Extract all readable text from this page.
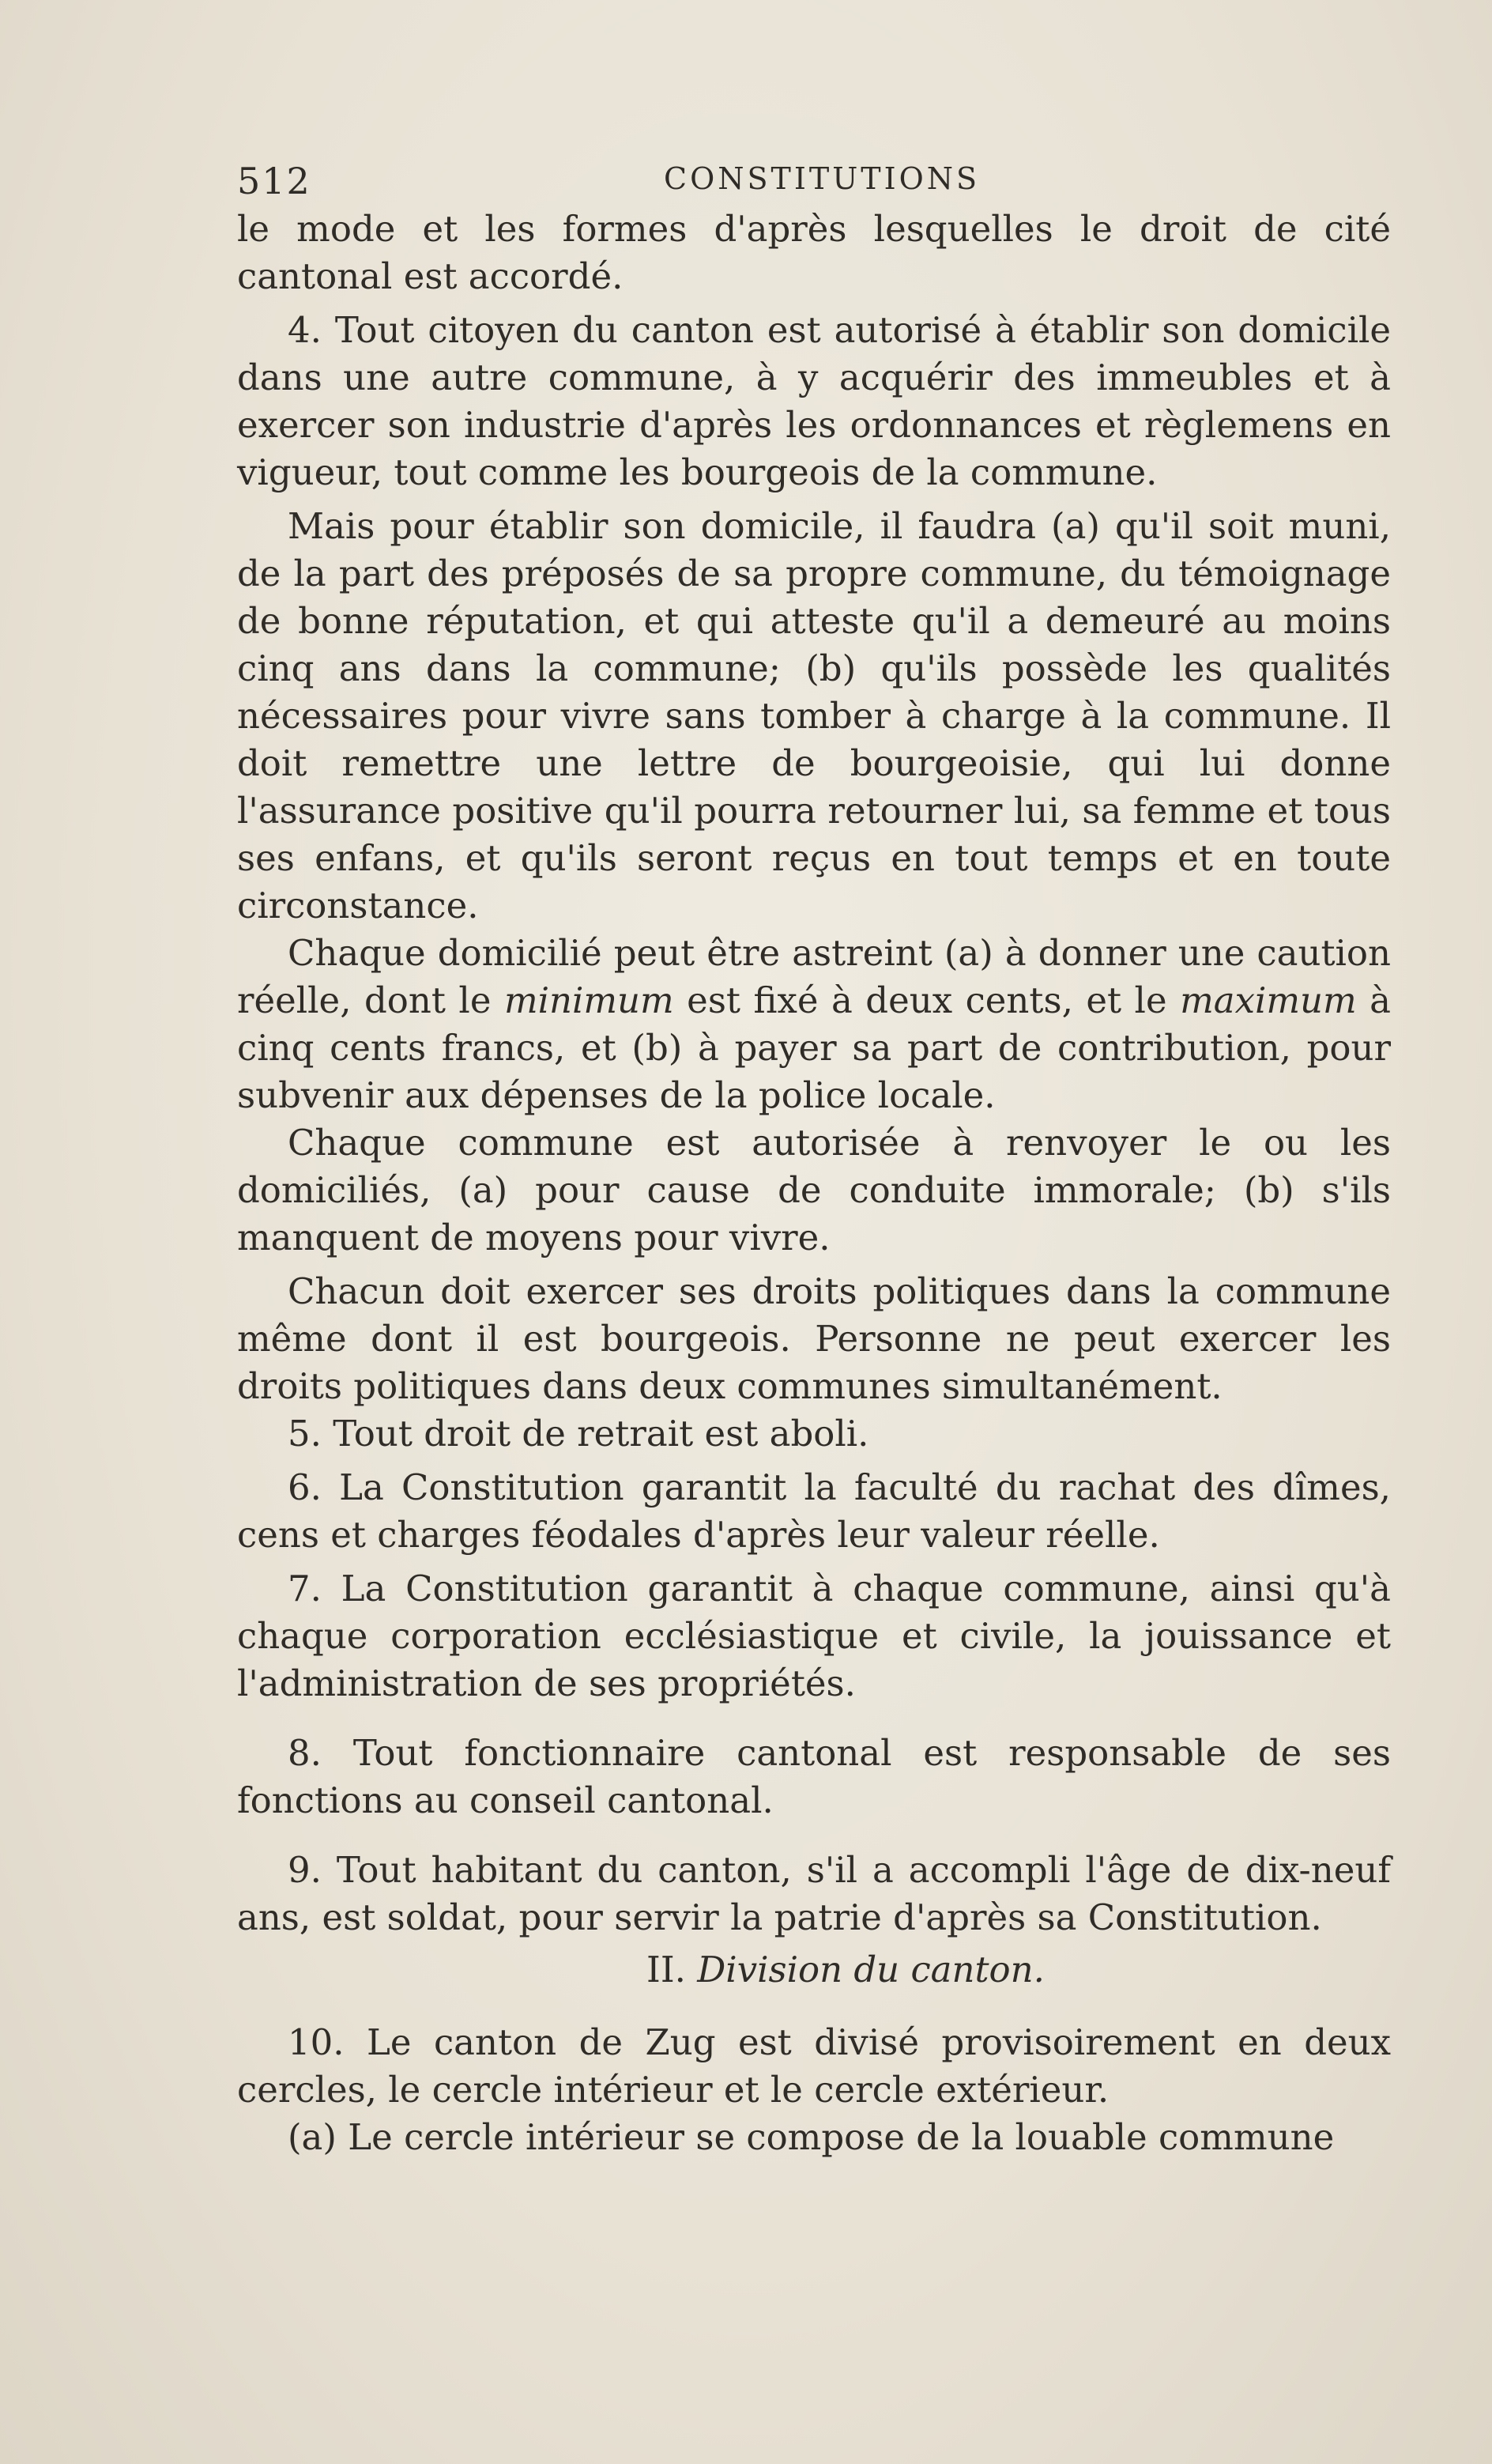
512	CONSTITUTIONS

le mode et les formes d'après lesquelles le droit de cité cantonal est accordé.

4. Tout citoyen du canton est autorisé à établir son domicile dans une autre commune, à y acquérir des immeubles et à exercer son industrie d'après les ordonnances et règlemens en vigueur, tout comme les bourgeois de la commune.

Mais pour établir son domicile, il faudra (a) qu'il soit muni, de la part des préposés de sa propre commune, du témoignage de bonne réputation, et qui atteste qu'il a demeuré au moins cinq ans dans la commune; (b) qu'ils possède les qualités nécessaires pour vivre sans tomber à charge à la commune. Il doit remettre une lettre de bourgeoisie, qui lui donne l'assurance positive qu'il pourra retourner lui, sa femme et tous ses enfans, et qu'ils seront reçus en tout temps et en toute circonstance.

Chaque domicilié peut être astreint (a) à donner une caution réelle, dont le minimum est fixé à deux cents, et le maximum à cinq cents francs, et (b) à payer sa part de contribution, pour subvenir aux dépenses de la police locale.

Chaque commune est autorisée à renvoyer le ou les domiciliés, (a) pour cause de conduite immorale; (b) s'ils manquent de moyens pour vivre.

Chacun doit exercer ses droits politiques dans la commune même dont il est bourgeois. Personne ne peut exercer les droits politiques dans deux communes simultanément.

5. Tout droit de retrait est aboli.

6. La Constitution garantit la faculté du rachat des dîmes, cens et charges féodales d'après leur valeur réelle.

7. La Constitution garantit à chaque commune, ainsi qu'à chaque corporation ecclésiastique et civile, la jouissance et l'administration de ses propriétés.

8. Tout fonctionnaire cantonal est responsable de ses fonctions au conseil cantonal.

9. Tout habitant du canton, s'il a accompli l'âge de dix-neuf ans, est soldat, pour servir la patrie d'après sa Constitution.

II. Division du canton.

10. Le canton de Zug est divisé provisoirement en deux cercles, le cercle intérieur et le cercle extérieur.

(a) Le cercle intérieur se compose de la louable commune
